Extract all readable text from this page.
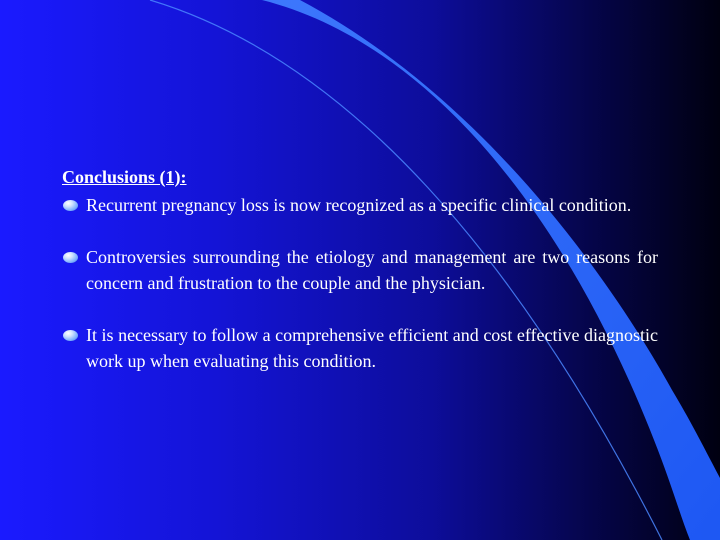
Conclusions (1):
Recurrent pregnancy loss is now recognized as a specific clinical condition.
Controversies surrounding the etiology and management are two reasons for concern and frustration to the couple and the physician.
It is necessary to follow a comprehensive efficient and cost effective diagnostic work up when evaluating this condition.
